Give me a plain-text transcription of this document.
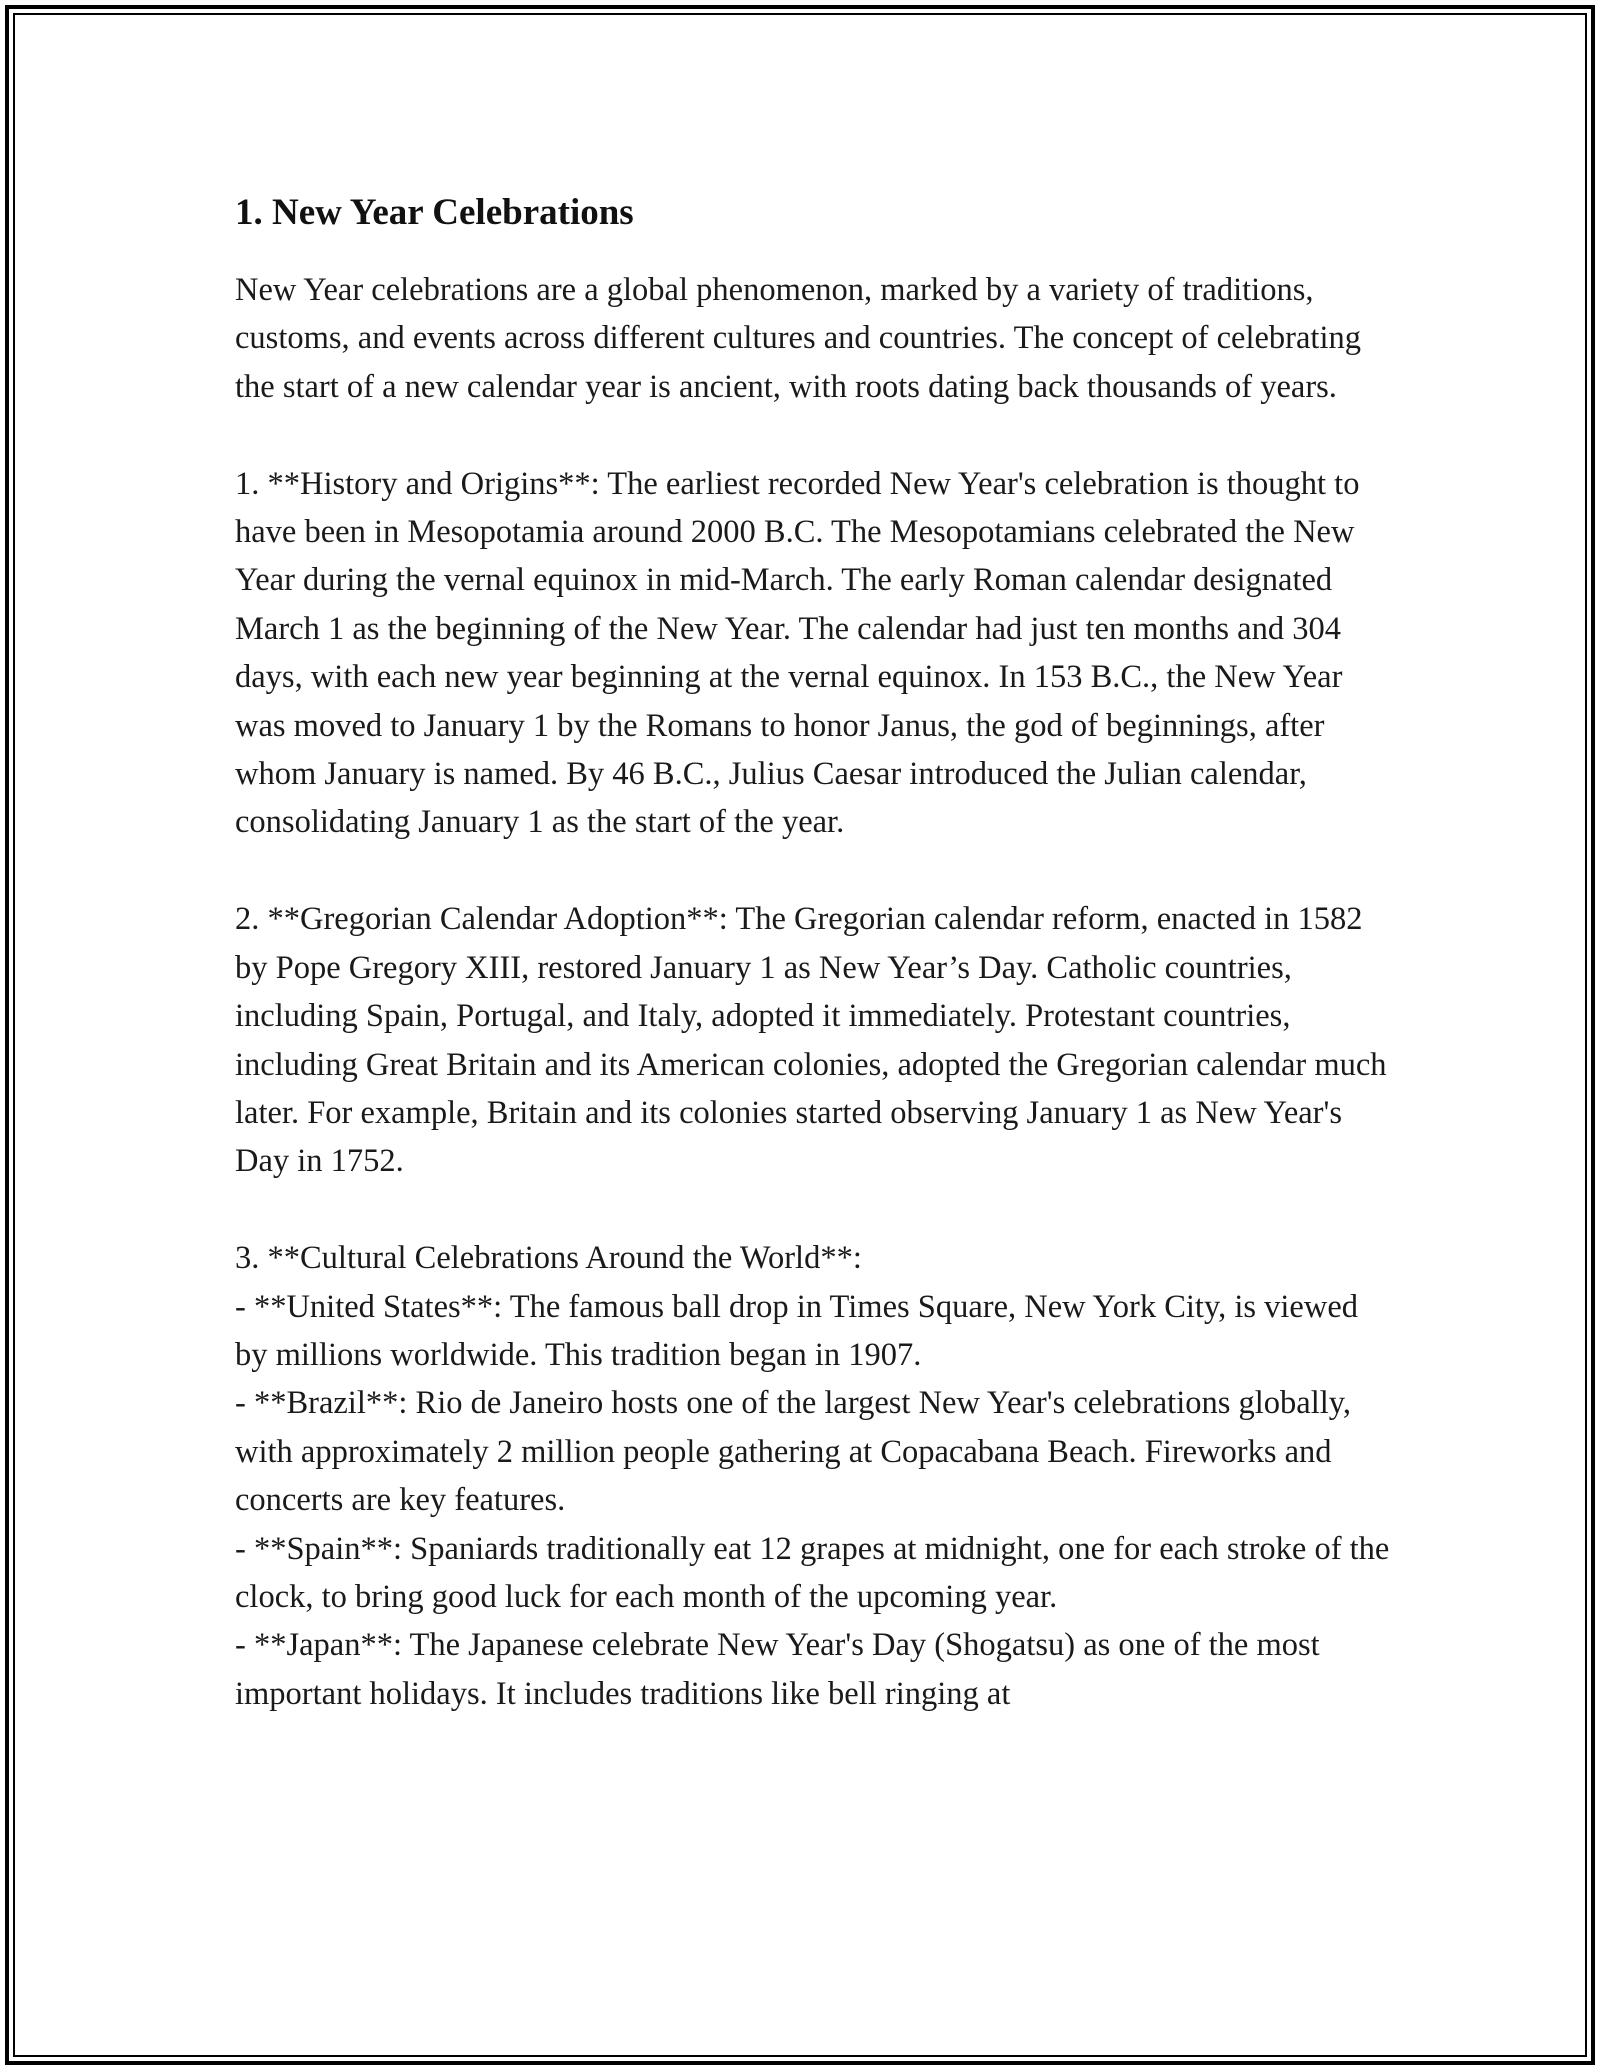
1. New Year Celebrations

New Year celebrations are a global phenomenon, marked by a variety of traditions, customs, and events across different cultures and countries. The concept of celebrating the start of a new calendar year is ancient, with roots dating back thousands of years.

1. **History and Origins**: The earliest recorded New Year's celebration is thought to have been in Mesopotamia around 2000 B.C. The Mesopotamians celebrated the New Year during the vernal equinox in mid-March. The early Roman calendar designated March 1 as the beginning of the New Year. The calendar had just ten months and 304 days, with each new year beginning at the vernal equinox. In 153 B.C., the New Year was moved to January 1 by the Romans to honor Janus, the god of beginnings, after whom January is named. By 46 B.C., Julius Caesar introduced the Julian calendar, consolidating January 1 as the start of the year.

2. **Gregorian Calendar Adoption**: The Gregorian calendar reform, enacted in 1582 by Pope Gregory XIII, restored January 1 as New Year’s Day. Catholic countries, including Spain, Portugal, and Italy, adopted it immediately. Protestant countries, including Great Britain and its American colonies, adopted the Gregorian calendar much later. For example, Britain and its colonies started observing January 1 as New Year's Day in 1752.

3. **Cultural Celebrations Around the World**:
- **United States**: The famous ball drop in Times Square, New York City, is viewed by millions worldwide. This tradition began in 1907.
- **Brazil**: Rio de Janeiro hosts one of the largest New Year's celebrations globally, with approximately 2 million people gathering at Copacabana Beach. Fireworks and concerts are key features.
- **Spain**: Spaniards traditionally eat 12 grapes at midnight, one for each stroke of the clock, to bring good luck for each month of the upcoming year.
- **Japan**: The Japanese celebrate New Year's Day (Shogatsu) as one of the most important holidays. It includes traditions like bell ringing at
